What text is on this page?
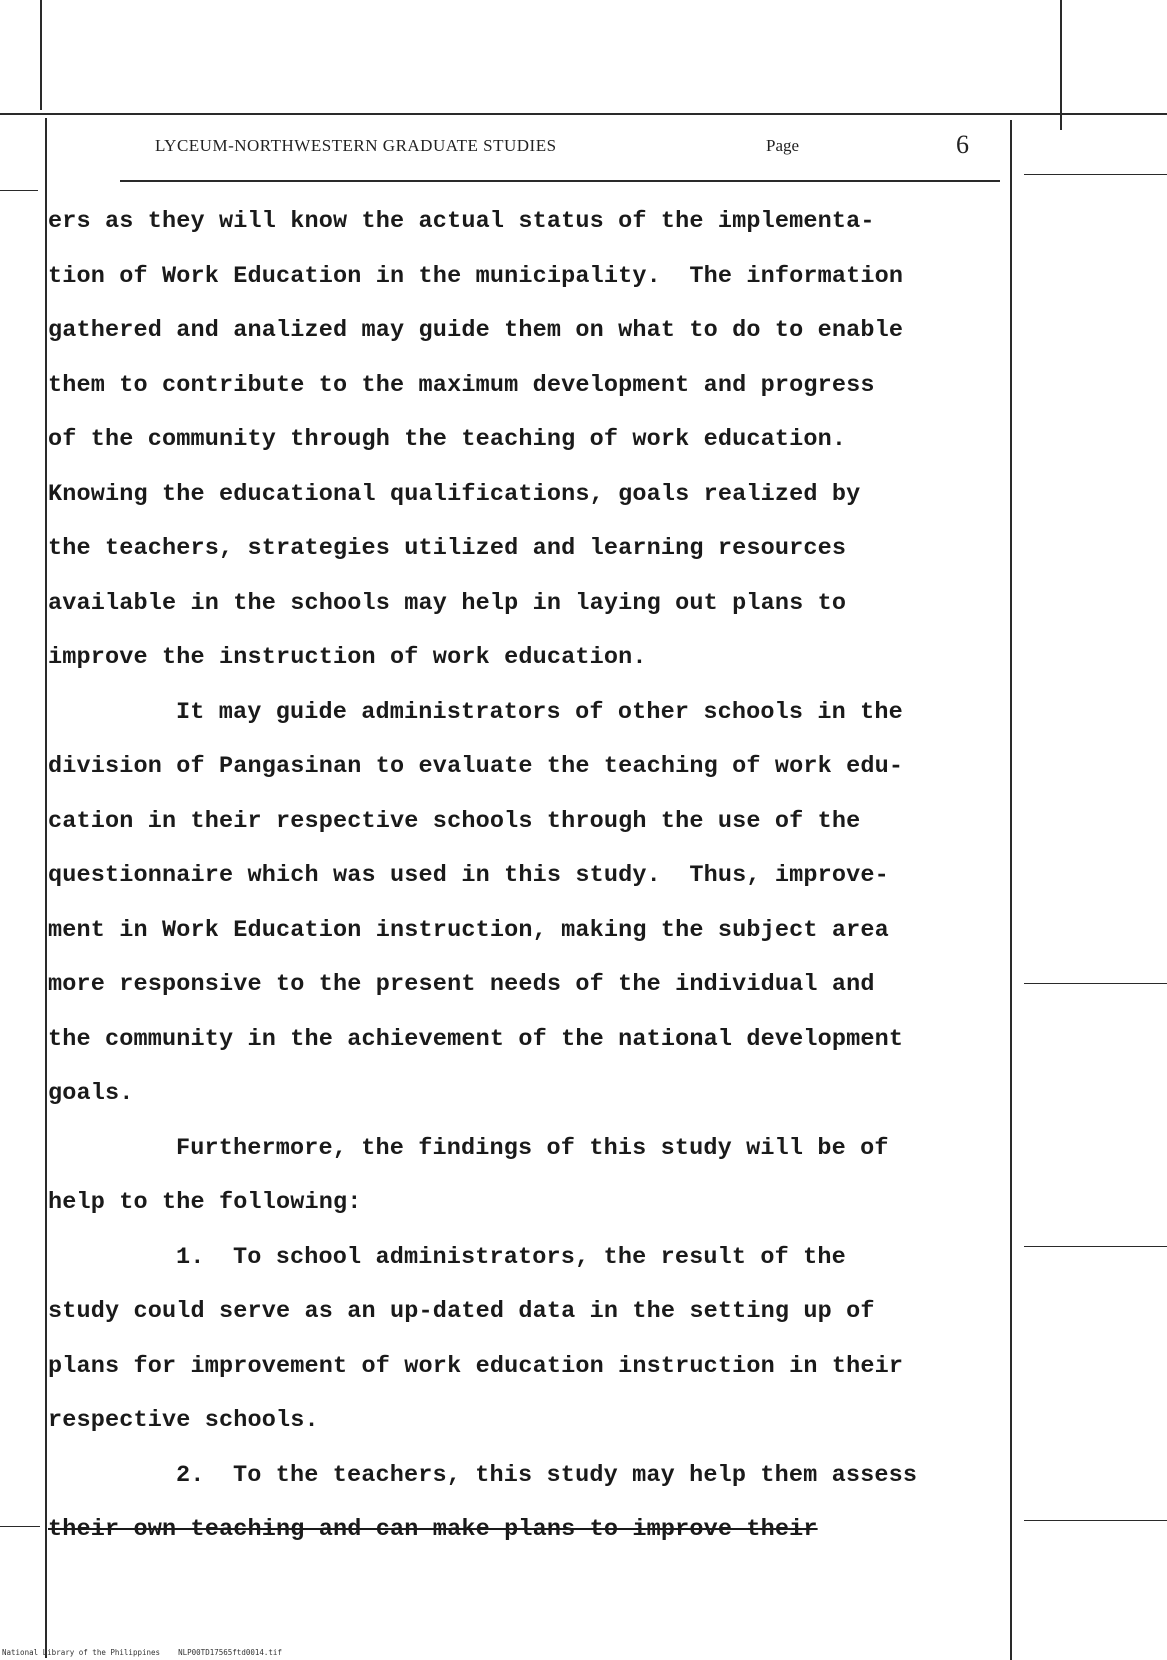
LYCEUM-NORTHWESTERN GRADUATE STUDIES	Page	6
ers as they will know the actual status of the implementa-
tion of Work Education in the municipality.  The information
gathered and analized may guide them on what to do to enable
them to contribute to the maximum development and progress
of the community through the teaching of work education.
Knowing the educational qualifications, goals realized by
the teachers, strategies utilized and learning resources
available in the schools may help in laying out plans to
improve the instruction of work education.
It may guide administrators of other schools in the
division of Pangasinan to evaluate the teaching of work edu-
cation in their respective schools through the use of the
questionnaire which was used in this study.  Thus, improve-
ment in Work Education instruction, making the subject area
more responsive to the present needs of the individual and
the community in the achievement of the national development
goals.
Furthermore, the findings of this study will be of
help to the following:
1.  To school administrators, the result of the
study could serve as an up-dated data in the setting up of
plans for improvement of work education instruction in their
respective schools.
2.  To the teachers, this study may help them assess
their own teaching and can make plans to improve their
National Library of the Philippines    NLP00TD17565ftd0014.tif
